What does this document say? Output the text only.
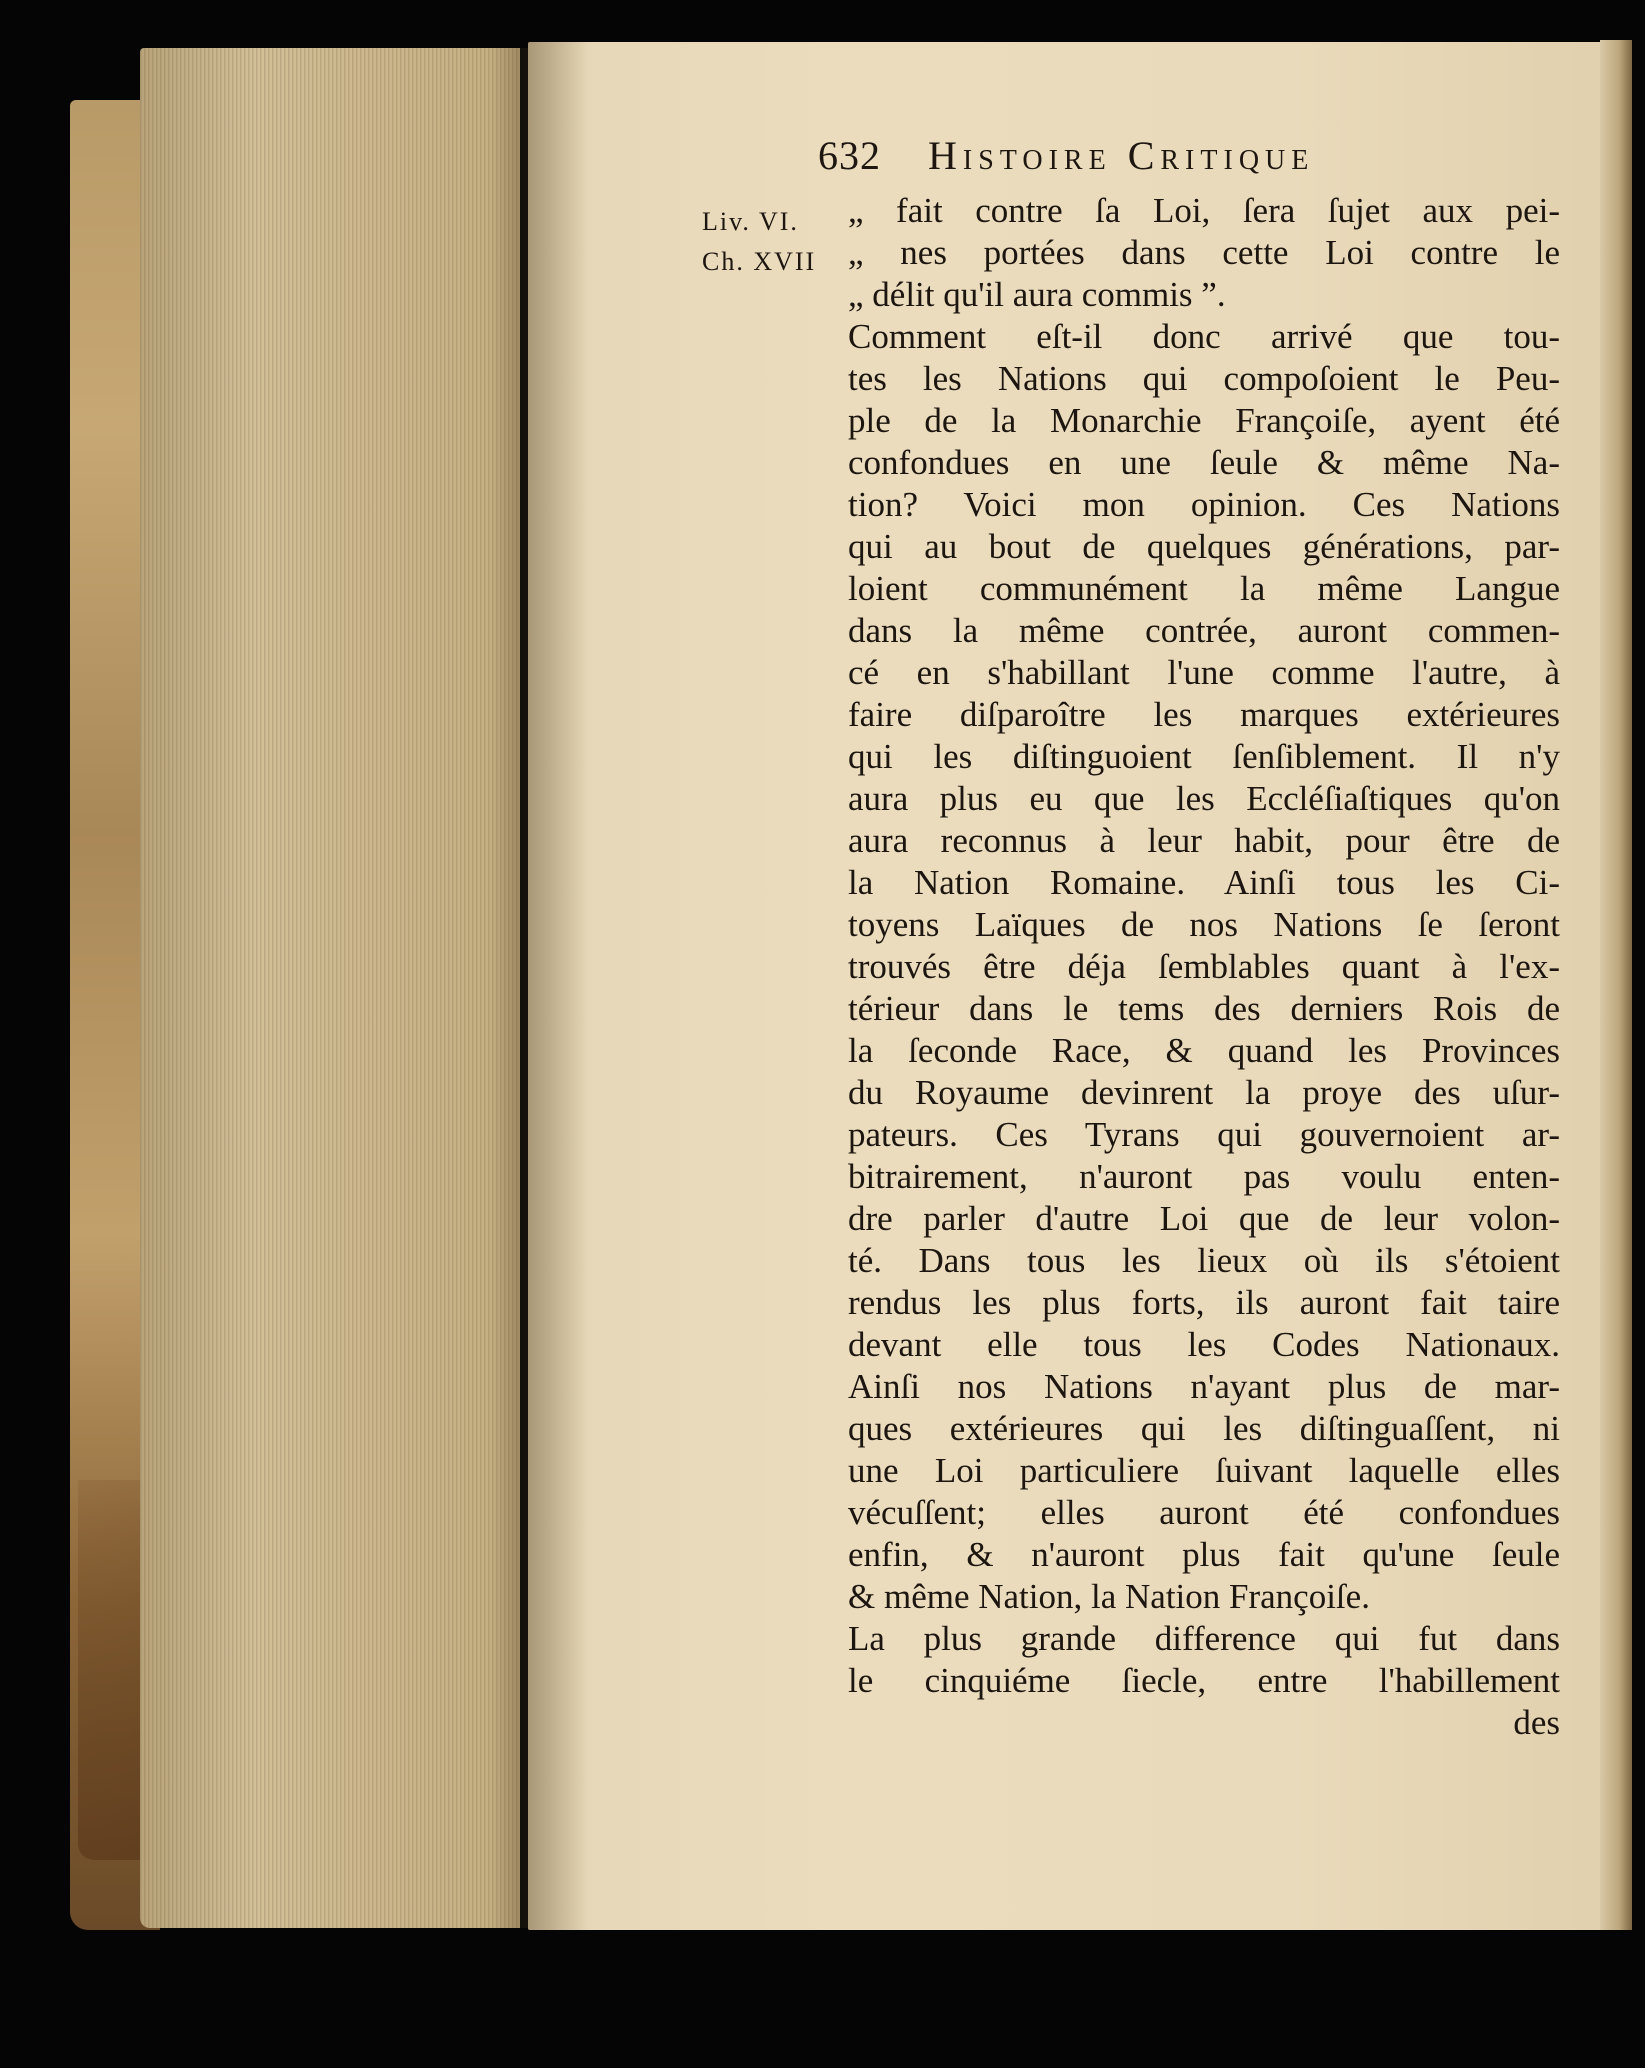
632 Histoire Critique
Liv. VI.
Ch. XVII
„ fait contre ſa Loi, ſera ſujet aux pei-
„ nes portées dans cette Loi contre le
„ délit qu'il aura commis ”.
Comment eſt-il donc arrivé que tou-
tes les Nations qui compoſoient le Peu-
ple de la Monarchie Françoiſe, ayent été
confondues en une ſeule & même Na-
tion? Voici mon opinion. Ces Nations
qui au bout de quelques générations, par-
loient communément la même Langue
dans la même contrée, auront commen-
cé en s'habillant l'une comme l'autre, à
faire diſparoître les marques extérieures
qui les diſtinguoient ſenſiblement. Il n'y
aura plus eu que les Eccléſiaſtiques qu'on
aura reconnus à leur habit, pour être de
la Nation Romaine. Ainſi tous les Ci-
toyens Laïques de nos Nations ſe ſeront
trouvés être déja ſemblables quant à l'ex-
térieur dans le tems des derniers Rois de
la ſeconde Race, & quand les Provinces
du Royaume devinrent la proye des uſur-
pateurs. Ces Tyrans qui gouvernoient ar-
bitrairement, n'auront pas voulu enten-
dre parler d'autre Loi que de leur volon-
té. Dans tous les lieux où ils s'étoient
rendus les plus forts, ils auront fait taire
devant elle tous les Codes Nationaux.
Ainſi nos Nations n'ayant plus de mar-
ques extérieures qui les diſtinguaſſent, ni
une Loi particuliere ſuivant laquelle elles
vécuſſent; elles auront été confondues
enfin, & n'auront plus fait qu'une ſeule
& même Nation, la Nation Françoiſe.
La plus grande difference qui fut dans
le cinquiéme ſiecle, entre l'habillement
des
